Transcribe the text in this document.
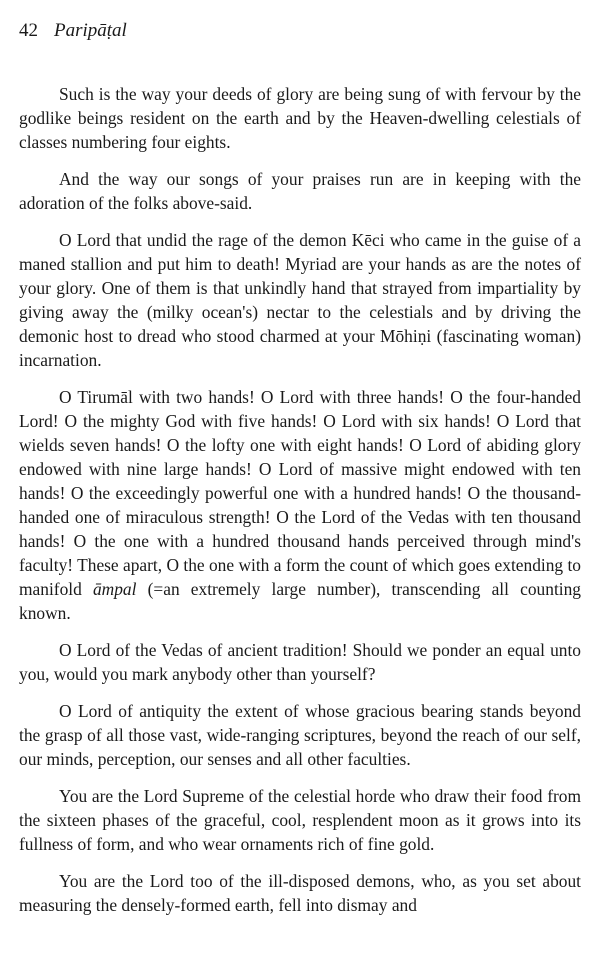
42 Paripāṭal

Such is the way your deeds of glory are being sung of with fervour by the godlike beings resident on the earth and by the Heaven-dwelling celestials of classes numbering four eights.

And the way our songs of your praises run are in keeping with the adoration of the folks above-said.

O Lord that undid the rage of the demon Kēci who came in the guise of a maned stallion and put him to death! Myriad are your hands as are the notes of your glory. One of them is that unkindly hand that strayed from impartiality by giving away the (milky ocean's) nectar to the celestials and by driving the demonic host to dread who stood charmed at your Mōhiṇi (fascinating woman) incarnation.

O Tirumāl with two hands! O Lord with three hands! O the four-handed Lord! O the mighty God with five hands! O Lord with six hands! O Lord that wields seven hands! O the lofty one with eight hands! O Lord of abiding glory endowed with nine large hands! O Lord of massive might endowed with ten hands! O the exceedingly powerful one with a hundred hands! O the thousand-handed one of miraculous strength! O the Lord of the Vedas with ten thousand hands! O the one with a hundred thousand hands perceived through mind's faculty! These apart, O the one with a form the count of which goes extending to manifold āmpal (=an extremely large number), transcending all counting known.

O Lord of the Vedas of ancient tradition! Should we ponder an equal unto you, would you mark anybody other than yourself?

O Lord of antiquity the extent of whose gracious bearing stands beyond the grasp of all those vast, wide-ranging scriptures, beyond the reach of our self, our minds, perception, our senses and all other faculties.

You are the Lord Supreme of the celestial horde who draw their food from the sixteen phases of the graceful, cool, resplendent moon as it grows into its fullness of form, and who wear ornaments rich of fine gold.

You are the Lord too of the ill-disposed demons, who, as you set about measuring the densely-formed earth, fell into dismay and
